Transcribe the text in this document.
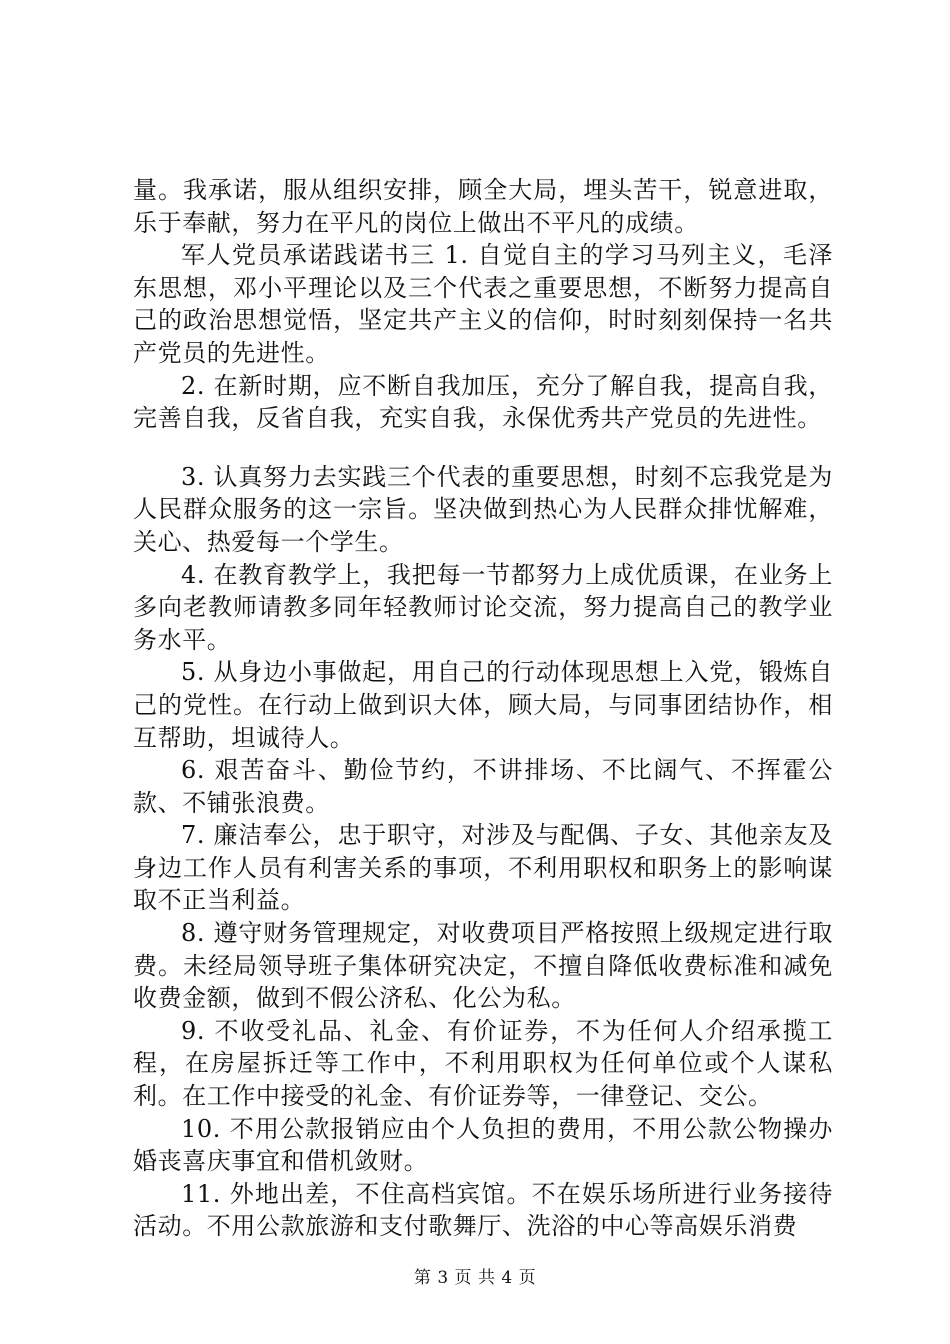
量。我承诺，服从组织安排，顾全大局，埋头苦干，锐意进取，乐于奉献，努力在平凡的岗位上做出不平凡的成绩。

军人党员承诺践诺书三 1. 自觉自主的学习马列主义，毛泽东思想，邓小平理论以及三个代表之重要思想，不断努力提高自己的政治思想觉悟，坚定共产主义的信仰，时时刻刻保持一名共产党员的先进性。

2. 在新时期，应不断自我加压，充分了解自我，提高自我，完善自我，反省自我，充实自我，永保优秀共产党员的先进性。

3. 认真努力去实践三个代表的重要思想，时刻不忘我党是为人民群众服务的这一宗旨。坚决做到热心为人民群众排忧解难，关心、热爱每一个学生。

4. 在教育教学上，我把每一节都努力上成优质课，在业务上多向老教师请教多同年轻教师讨论交流，努力提高自己的教学业务水平。

5. 从身边小事做起，用自己的行动体现思想上入党，锻炼自己的党性。在行动上做到识大体，顾大局，与同事团结协作，相互帮助，坦诚待人。

6. 艰苦奋斗、勤俭节约，不讲排场、不比阔气、不挥霍公款、不铺张浪费。

7. 廉洁奉公，忠于职守，对涉及与配偶、子女、其他亲友及身边工作人员有利害关系的事项，不利用职权和职务上的影响谋取不正当利益。

8. 遵守财务管理规定，对收费项目严格按照上级规定进行取费。未经局领导班子集体研究决定，不擅自降低收费标准和减免收费金额，做到不假公济私、化公为私。

9. 不收受礼品、礼金、有价证券，不为任何人介绍承揽工程，在房屋拆迁等工作中，不利用职权为任何单位或个人谋私利。在工作中接受的礼金、有价证券等，一律登记、交公。

10. 不用公款报销应由个人负担的费用，不用公款公物操办婚丧喜庆事宜和借机敛财。

11. 外地出差，不住高档宾馆。不在娱乐场所进行业务接待活动。不用公款旅游和支付歌舞厅、洗浴的中心等高娱乐消费

第 3 页 共 4 页
